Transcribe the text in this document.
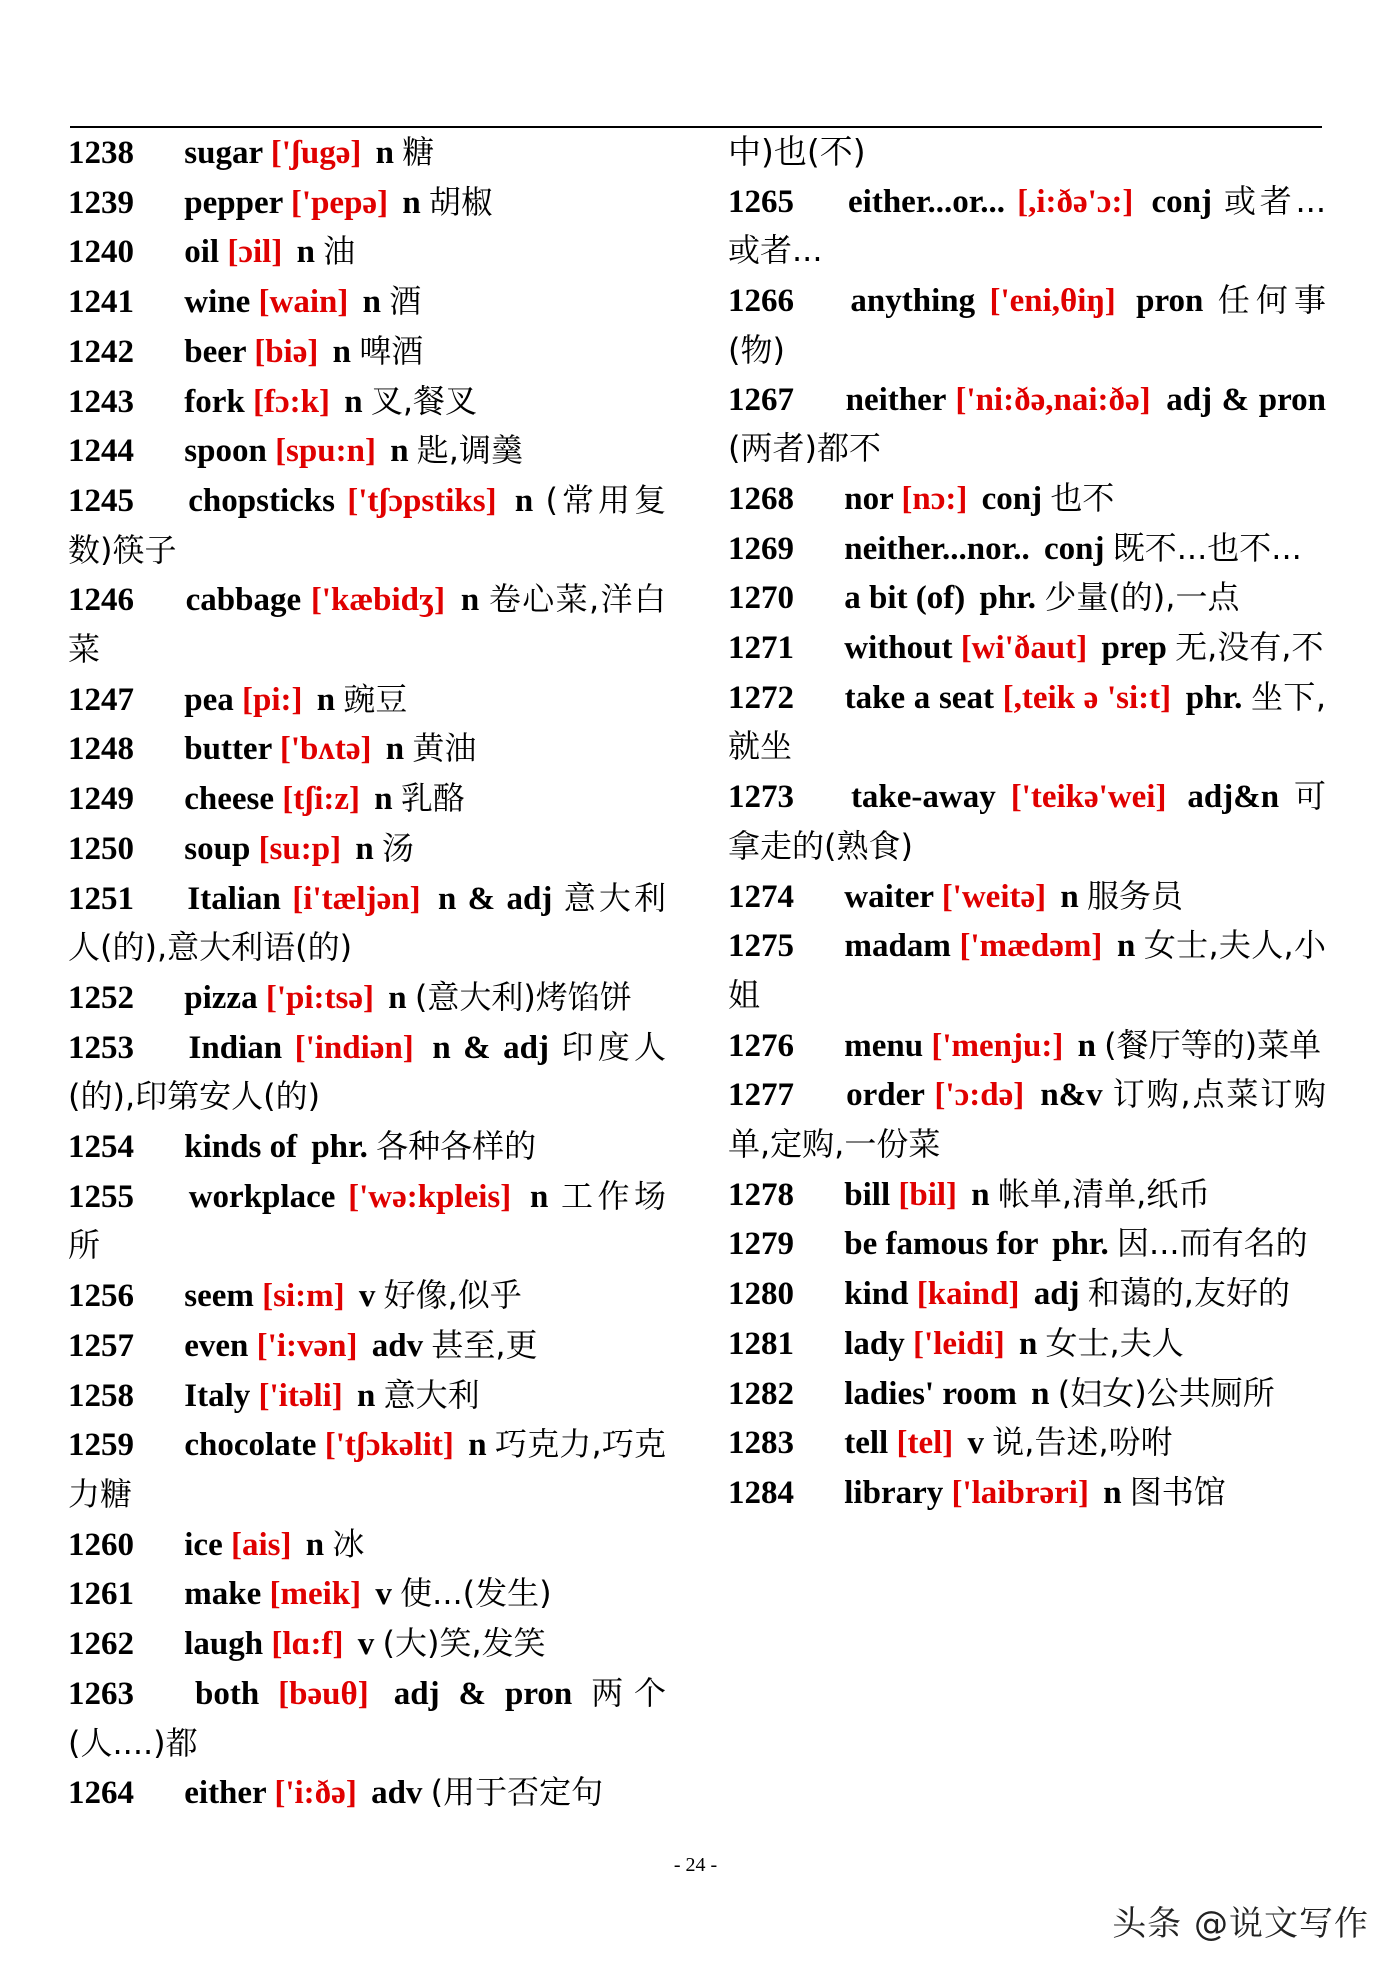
1238 sugar ['ʃugə] n 糖
1239 pepper ['pepə] n 胡椒
1240 oil [ɔil] n 油
1241 wine [wain] n 酒
1242 beer [biə] n 啤酒
1243 fork [fɔ:k] n 叉,餐叉
1244 spoon [spu:n] n 匙,调羹
1245 chopsticks ['tʃɔpstiks] n (常用复数)筷子
1246 cabbage ['kæbidʒ] n 卷心菜,洋白菜
1247 pea [pi:] n 豌豆
1248 butter ['bʌtə] n 黄油
1249 cheese [tʃi:z] n 乳酪
1250 soup [su:p] n 汤
1251 Italian [i'tæljən] n & adj 意大利人(的),意大利语(的)
1252 pizza ['pi:tsə] n (意大利)烤馅饼
1253 Indian ['indiən] n & adj 印度人(的),印第安人(的)
1254 kinds of phr. 各种各样的
1255 workplace ['wə:kpleis] n 工作场所
1256 seem [si:m] v 好像,似乎
1257 even ['i:vən] adv 甚至,更
1258 Italy ['itəli] n 意大利
1259 chocolate ['tʃɔkəlit] n 巧克力,巧克力糖
1260 ice [ais] n 冰
1261 make [meik] v 使...(发生)
1262 laugh [lɑ:f] v (大)笑,发笑
1263 both [bəuθ] adj & pron 两个(人....)都
1264 either ['i:ðə] adv (用于否定句
中)也(不)
1265 either...or... [,i:ðə'ɔ:] conj 或者...或者...
1266 anything ['eni,θiŋ] pron 任何事(物)
1267 neither ['ni:ðə,nai:ðə] adj & pron (两者)都不
1268 nor [nɔ:] conj 也不
1269 neither...nor.. conj 既不...也不...
1270 a bit (of) phr. 少量(的),一点
1271 without [wi'ðaut] prep 无,没有,不
1272 take a seat [,teik ə 'si:t] phr. 坐下,就坐
1273 take-away ['teikə'wei] adj&n 可拿走的(熟食)
1274 waiter ['weitə] n 服务员
1275 madam ['mædəm] n 女士,夫人,小姐
1276 menu ['menju:] n (餐厅等的)菜单
1277 order ['ɔ:də] n&v 订购,点菜订购单,定购,一份菜
1278 bill [bil] n 帐单,清单,纸币
1279 be famous for phr. 因...而有名的
1280 kind [kaind] adj 和蔼的,友好的
1281 lady ['leidi] n 女士,夫人
1282 ladies' room n (妇女)公共厕所
1283 tell [tel] v 说,告述,吩咐
1284 library ['laibrəri] n 图书馆
- 24 -
头条 @说文写作
